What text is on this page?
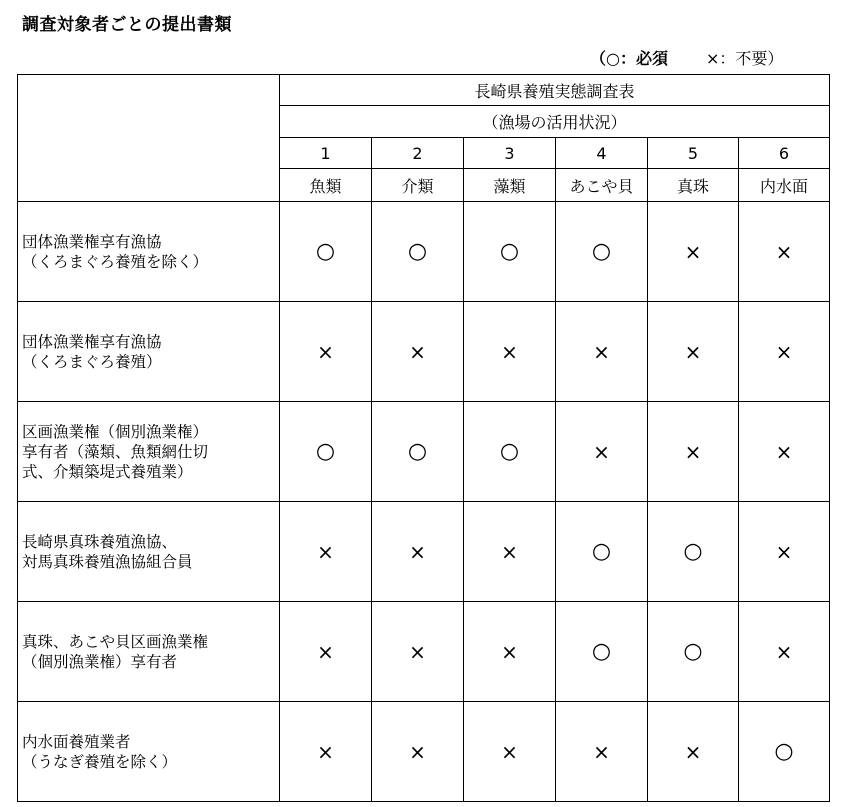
調査対象者ごとの提出書類
（○：必須 ×：不要）
	長崎県養殖実態調査表					
	（漁場の活用状況）					
	1	2	3	4	5	6
	魚類	介類	藻類	あこや貝	真珠	内水面
団体漁業権享有漁協
（くろまぐろ養殖を除く）	○	○	○	○	×	×
団体漁業権享有漁協
（くろまぐろ養殖）	×	×	×	×	×	×
区画漁業権（個別漁業権）
享有者（藻類、魚類網仕切
式、介類築堤式養殖業）	○	○	○	×	×	×
長崎県真珠養殖漁協、
対馬真珠養殖漁協組合員	×	×	×	○	○	×
真珠、あこや貝区画漁業権
（個別漁業権）享有者	×	×	×	○	○	×
内水面養殖業者
（うなぎ養殖を除く）	×	×	×	×	×	○
